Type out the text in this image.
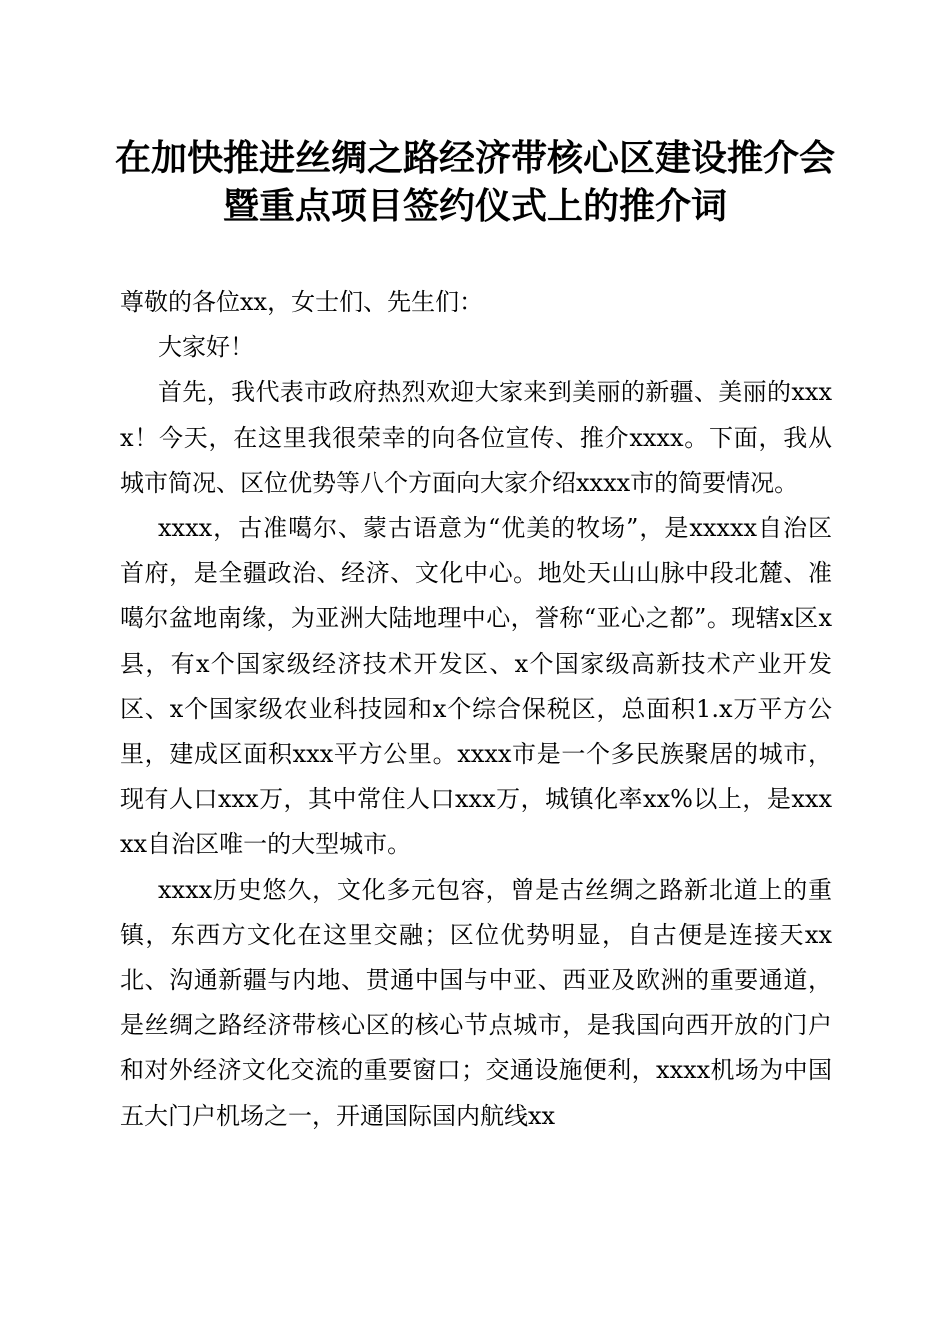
在加快推进丝绸之路经济带核心区建设推介会
暨重点项目签约仪式上的推介词

尊敬的各位xx，女士们、先生们：

大家好！

首先，我代表市政府热烈欢迎大家来到美丽的新疆、美丽的xxxx！今天，在这里我很荣幸的向各位宣传、推介xxxx。下面，我从城市简况、区位优势等八个方面向大家介绍xxxx市的简要情况。

xxxx，古准噶尔、蒙古语意为“优美的牧场”，是xxxxx自治区首府，是全疆政治、经济、文化中心。地处天山山脉中段北麓、准噶尔盆地南缘，为亚洲大陆地理中心，誉称“亚心之都”。现辖x区x县，有x个国家级经济技术开发区、x个国家级高新技术产业开发区、x个国家级农业科技园和x个综合保税区，总面积1.x万平方公里，建成区面积xxx平方公里。xxxx市是一个多民族聚居的城市，现有人口xxx万，其中常住人口xxx万，城镇化率xx%以上，是xxxxx自治区唯一的大型城市。

xxxx历史悠久，文化多元包容，曾是古丝绸之路新北道上的重镇，东西方文化在这里交融；区位优势明显，自古便是连接天xx北、沟通新疆与内地、贯通中国与中亚、西亚及欧洲的重要通道，是丝绸之路经济带核心区的核心节点城市，是我国向西开放的门户和对外经济文化交流的重要窗口；交通设施便利，xxxx机场为中国五大门户机场之一，开通国际国内航线xx
